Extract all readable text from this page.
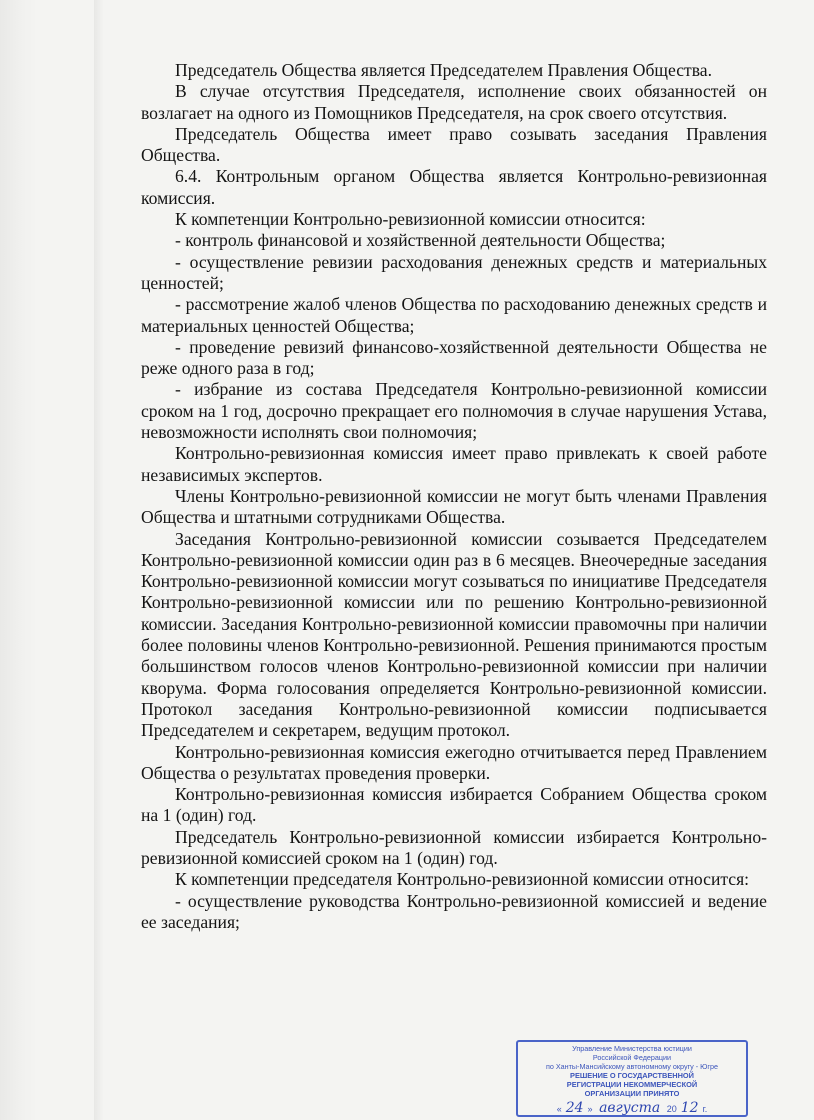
Председатель Общества является Председателем Правления Общества.

В случае отсутствия Председателя, исполнение своих обязанностей он возлагает на одного из Помощников Председателя, на срок своего отсутствия.

Председатель Общества имеет право созывать заседания Правления Общества.

6.4. Контрольным органом Общества является Контрольно-ревизионная комиссия.

К компетенции Контрольно-ревизионной комиссии относится:

- контроль финансовой и хозяйственной деятельности Общества;

- осуществление ревизии расходования денежных средств и материальных ценностей;

- рассмотрение жалоб членов Общества по расходованию денежных средств и материальных ценностей Общества;

- проведение ревизий финансово-хозяйственной деятельности Общества не реже одного раза в год;

- избрание из состава Председателя Контрольно-ревизионной комиссии сроком на 1 год, досрочно прекращает его полномочия в случае нарушения Устава, невозможности исполнять свои полномочия;

Контрольно-ревизионная комиссия имеет право привлекать к своей работе независимых экспертов.

Члены Контрольно-ревизионной комиссии не могут быть членами Правления Общества и штатными сотрудниками Общества.

Заседания Контрольно-ревизионной комиссии созывается Председателем Контрольно-ревизионной комиссии один раз в 6 месяцев. Внеочередные заседания Контрольно-ревизионной комиссии могут созываться по инициативе Председателя Контрольно-ревизионной комиссии или по решению Контрольно-ревизионной комиссии. Заседания Контрольно-ревизионной комиссии правомочны при наличии более половины членов Контрольно-ревизионной. Решения принимаются простым большинством голосов членов Контрольно-ревизионной комиссии при наличии кворума. Форма голосования определяется Контрольно-ревизионной комиссии. Протокол заседания Контрольно-ревизионной комиссии подписывается Председателем и секретарем, ведущим протокол.

Контрольно-ревизионная комиссия ежегодно отчитывается перед Правлением Общества о результатах проведения проверки.

Контрольно-ревизионная комиссия избирается Собранием Общества сроком на 1 (один) год.

Председатель Контрольно-ревизионной комиссии избирается Контрольно-ревизионной комиссией сроком на 1 (один) год.

К компетенции председателя Контрольно-ревизионной комиссии относится:

- осуществление руководства Контрольно-ревизионной комиссией и ведение ее заседания;

Управление Министерства юстиции
Российской Федерации
по Ханты-Мансийскому автономному округу - Югре
РЕШЕНИЕ О ГОСУДАРСТВЕННОЙ
РЕГИСТРАЦИИ НЕКОММЕРЧЕСКОЙ
ОРГАНИЗАЦИИ ПРИНЯТО
« 24 » августа 20 12 г.
